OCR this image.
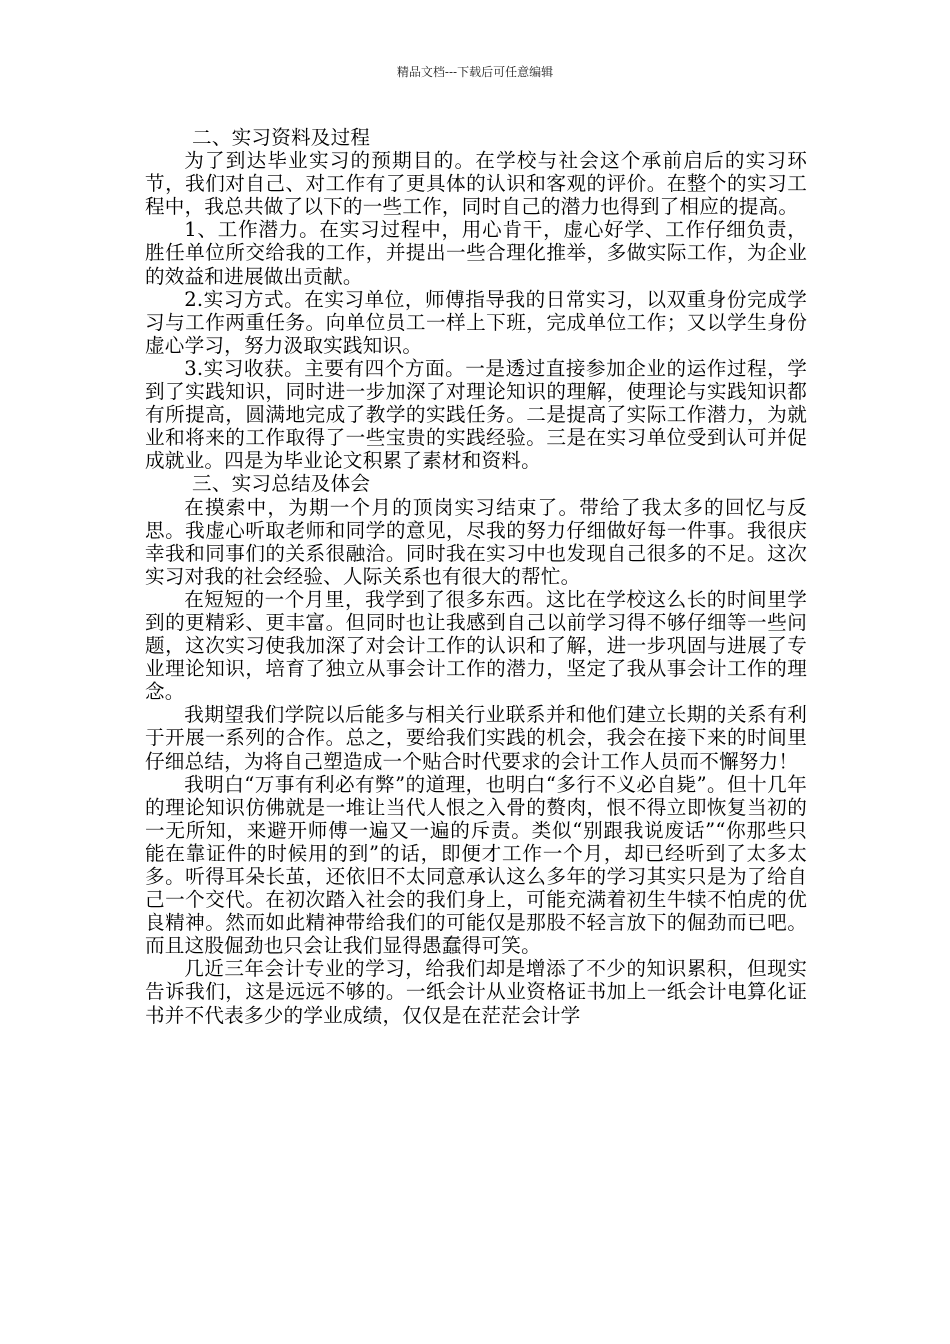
精品文档---下载后可任意编辑

二、实习资料及过程

为了到达毕业实习的预期目的。在学校与社会这个承前启后的实习环节，我们对自己、对工作有了更具体的认识和客观的评价。在整个的实习工程中，我总共做了以下的一些工作，同时自己的潜力也得到了相应的提高。

1、工作潜力。在实习过程中，用心肯干，虚心好学、工作仔细负责，胜任单位所交给我的工作，并提出一些合理化推举，多做实际工作，为企业的效益和进展做出贡献。

2.实习方式。在实习单位，师傅指导我的日常实习，以双重身份完成学习与工作两重任务。向单位员工一样上下班，完成单位工作；又以学生身份虚心学习，努力汲取实践知识。

3.实习收获。主要有四个方面。一是透过直接参加企业的运作过程，学到了实践知识，同时进一步加深了对理论知识的理解，使理论与实践知识都有所提高，圆满地完成了教学的实践任务。二是提高了实际工作潜力，为就业和将来的工作取得了一些宝贵的实践经验。三是在实习单位受到认可并促成就业。四是为毕业论文积累了素材和资料。

三、实习总结及体会

在摸索中，为期一个月的顶岗实习结束了。带给了我太多的回忆与反思。我虚心听取老师和同学的意见，尽我的努力仔细做好每一件事。我很庆幸我和同事们的关系很融洽。同时我在实习中也发现自己很多的不足。这次实习对我的社会经验、人际关系也有很大的帮忙。

在短短的一个月里，我学到了很多东西。这比在学校这么长的时间里学到的更精彩、更丰富。但同时也让我感到自己以前学习得不够仔细等一些问题，这次实习使我加深了对会计工作的认识和了解，进一步巩固与进展了专业理论知识，培育了独立从事会计工作的潜力，坚定了我从事会计工作的理念。

我期望我们学院以后能多与相关行业联系并和他们建立长期的关系有利于开展一系列的合作。总之，要给我们实践的机会，我会在接下来的时间里仔细总结，为将自己塑造成一个贴合时代要求的会计工作人员而不懈努力！

我明白“万事有利必有弊”的道理，也明白“多行不义必自毙”。但十几年的理论知识仿佛就是一堆让当代人恨之入骨的赘肉，恨不得立即恢复当初的一无所知，来避开师傅一遍又一遍的斥责。类似“别跟我说废话”“你那些只能在靠证件的时候用的到”的话，即便才工作一个月，却已经听到了太多太多。听得耳朵长茧，还依旧不太同意承认这么多年的学习其实只是为了给自己一个交代。在初次踏入社会的我们身上，可能充满着初生牛犊不怕虎的优良精神。然而如此精神带给我们的可能仅是那股不轻言放下的倔劲而已吧。而且这股倔劲也只会让我们显得愚蠢得可笑。

几近三年会计专业的学习，给我们却是增添了不少的知识累积，但现实告诉我们，这是远远不够的。一纸会计从业资格证书加上一纸会计电算化证书并不代表多少的学业成绩，仅仅是在茫茫会计学
